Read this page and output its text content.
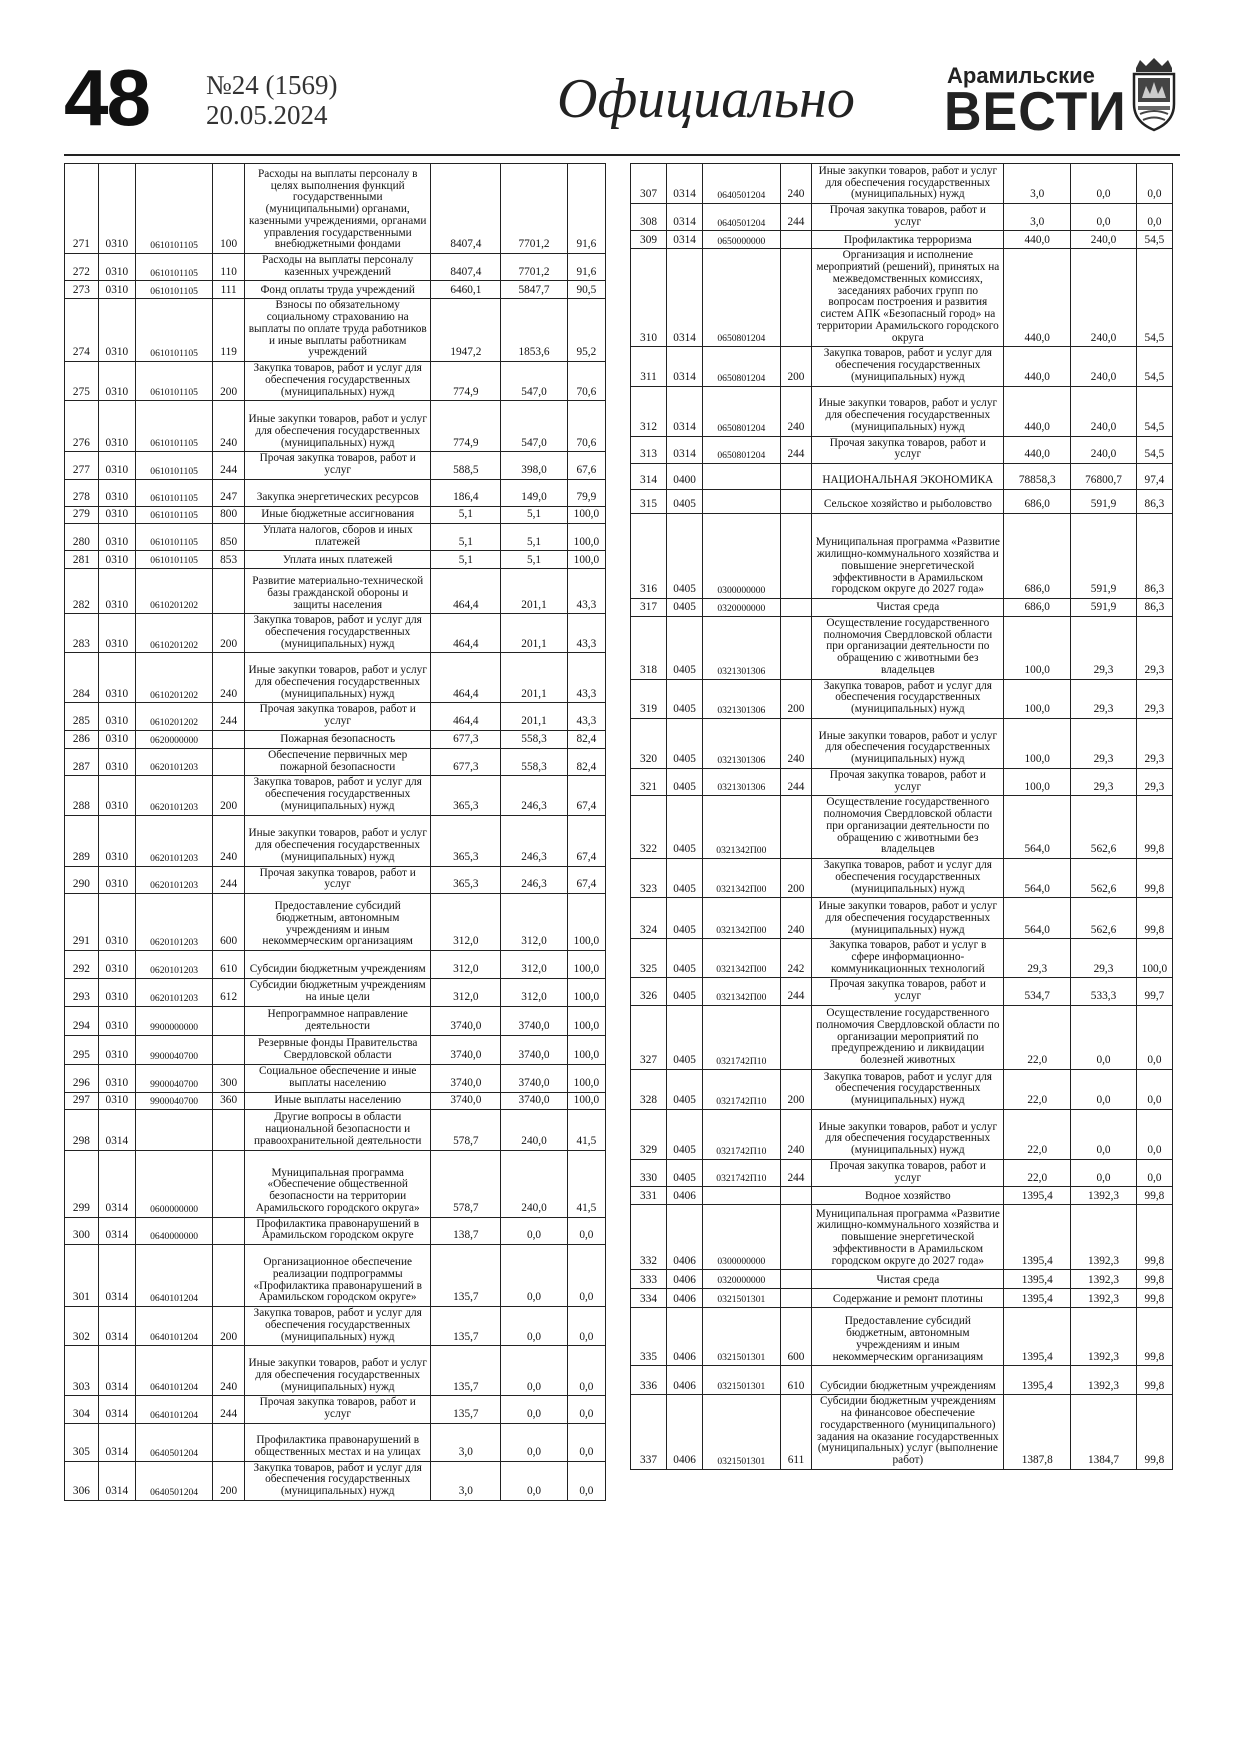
48 №24 (1569)
20.05.2024	Официально	Арамильские
ВЕСТИ
271	0310	0610101105	100	Расходы на выплаты персоналу в целях выполнения функций государственными (муниципальными) органами, казенными учреждениями, органами управления государственными внебюджетными фондами	8407,4	7701,2	91,6
272	0310	0610101105	110	Расходы на выплаты персоналу казенных учреждений	8407,4	7701,2	91,6
273	0310	0610101105	111	Фонд оплаты труда учреждений	6460,1	5847,7	90,5
274	0310	0610101105	119	Взносы по обязательному социальному страхованию на выплаты по оплате труда работников и иные выплаты работникам учреждений	1947,2	1853,6	95,2
275	0310	0610101105	200	Закупка товаров, работ и услуг для обеспечения государственных (муниципальных) нужд	774,9	547,0	70,6
276	0310	0610101105	240	Иные закупки товаров, работ и услуг для обеспечения государственных (муниципальных) нужд	774,9	547,0	70,6
277	0310	0610101105	244	Прочая закупка товаров, работ и услуг	588,5	398,0	67,6
278	0310	0610101105	247	Закупка энергетических ресурсов	186,4	149,0	79,9
279	0310	0610101105	800	Иные бюджетные ассигнования	5,1	5,1	100,0
280	0310	0610101105	850	Уплата налогов, сборов и иных платежей	5,1	5,1	100,0
281	0310	0610101105	853	Уплата иных платежей	5,1	5,1	100,0
282	0310	0610201202		Развитие материально-технической базы гражданской обороны и защиты населения	464,4	201,1	43,3
283	0310	0610201202	200	Закупка товаров, работ и услуг для обеспечения государственных (муниципальных) нужд	464,4	201,1	43,3
284	0310	0610201202	240	Иные закупки товаров, работ и услуг для обеспечения государственных (муниципальных) нужд	464,4	201,1	43,3
285	0310	0610201202	244	Прочая закупка товаров, работ и услуг	464,4	201,1	43,3
286	0310	0620000000		Пожарная безопасность	677,3	558,3	82,4
287	0310	0620101203		Обеспечение первичных мер пожарной безопасности	677,3	558,3	82,4
288	0310	0620101203	200	Закупка товаров, работ и услуг для обеспечения государственных (муниципальных) нужд	365,3	246,3	67,4
289	0310	0620101203	240	Иные закупки товаров, работ и услуг для обеспечения государственных (муниципальных) нужд	365,3	246,3	67,4
290	0310	0620101203	244	Прочая закупка товаров, работ и услуг	365,3	246,3	67,4
291	0310	0620101203	600	Предоставление субсидий бюджетным, автономным учреждениям и иным некоммерческим организациям	312,0	312,0	100,0
292	0310	0620101203	610	Субсидии бюджетным учреждениям	312,0	312,0	100,0
293	0310	0620101203	612	Субсидии бюджетным учреждениям на иные цели	312,0	312,0	100,0
294	0310	9900000000		Непрограммное направление деятельности	3740,0	3740,0	100,0
295	0310	9900040700		Резервные фонды Правительства Свердловской области	3740,0	3740,0	100,0
296	0310	9900040700	300	Социальное обеспечение и иные выплаты населению	3740,0	3740,0	100,0
297	0310	9900040700	360	Иные выплаты населению	3740,0	3740,0	100,0
298	0314			Другие вопросы в области национальной безопасности и правоохранительной деятельности	578,7	240,0	41,5
299	0314	0600000000		Муниципальная программа «Обеспечение общественной безопасности на территории Арамильского городского округа»	578,7	240,0	41,5
300	0314	0640000000		Профилактика правонарушений в Арамильском городском округе	138,7	0,0	0,0
301	0314	0640101204		Организационное обеспечение реализации подпрограммы «Профилактика правонарушений в Арамильском городском округе»	135,7	0,0	0,0
302	0314	0640101204	200	Закупка товаров, работ и услуг для обеспечения государственных (муниципальных) нужд	135,7	0,0	0,0
303	0314	0640101204	240	Иные закупки товаров, работ и услуг для обеспечения государственных (муниципальных) нужд	135,7	0,0	0,0
304	0314	0640101204	244	Прочая закупка товаров, работ и услуг	135,7	0,0	0,0
305	0314	0640501204		Профилактика правонарушений в общественных местах и на улицах	3,0	0,0	0,0
306	0314	0640501204	200	Закупка товаров, работ и услуг для обеспечения государственных (муниципальных) нужд	3,0	0,0	0,0
307	0314	0640501204	240	Иные закупки товаров, работ и услуг для обеспечения государственных (муниципальных) нужд	3,0	0,0	0,0
308	0314	0640501204	244	Прочая закупка товаров, работ и услуг	3,0	0,0	0,0
309	0314	0650000000		Профилактика терроризма	440,0	240,0	54,5
310	0314	0650801204		Организация и исполнение мероприятий (решений), принятых на межведомственных комиссиях, заседаниях рабочих групп по вопросам построения и развития систем АПК «Безопасный город» на территории Арамильского городского округа	440,0	240,0	54,5
311	0314	0650801204	200	Закупка товаров, работ и услуг для обеспечения государственных (муниципальных) нужд	440,0	240,0	54,5
312	0314	0650801204	240	Иные закупки товаров, работ и услуг для обеспечения государственных (муниципальных) нужд	440,0	240,0	54,5
313	0314	0650801204	244	Прочая закупка товаров, работ и услуг	440,0	240,0	54,5
314	0400			НАЦИОНАЛЬНАЯ ЭКОНОМИКА	78858,3	76800,7	97,4
315	0405			Сельское хозяйство и рыболовство	686,0	591,9	86,3
316	0405	0300000000		Муниципальная программа «Развитие жилищно-коммунального хозяйства и повышение энергетической эффективности в Арамильском городском округе до 2027 года»	686,0	591,9	86,3
317	0405	0320000000		Чистая среда	686,0	591,9	86,3
318	0405	0321301306		Осуществление государственного полномочия Свердловской области при организации деятельности по обращению с животными без владельцев	100,0	29,3	29,3
319	0405	0321301306	200	Закупка товаров, работ и услуг для обеспечения государственных (муниципальных) нужд	100,0	29,3	29,3
320	0405	0321301306	240	Иные закупки товаров, работ и услуг для обеспечения государственных (муниципальных) нужд	100,0	29,3	29,3
321	0405	0321301306	244	Прочая закупка товаров, работ и услуг	100,0	29,3	29,3
322	0405	0321342П00		Осуществление государственного полномочия Свердловской области при организации деятельности по обращению с животными без владельцев	564,0	562,6	99,8
323	0405	0321342П00	200	Закупка товаров, работ и услуг для обеспечения государственных (муниципальных) нужд	564,0	562,6	99,8
324	0405	0321342П00	240	Иные закупки товаров, работ и услуг для обеспечения государственных (муниципальных) нужд	564,0	562,6	99,8
325	0405	0321342П00	242	Закупка товаров, работ и услуг в сфере информационно-коммуникационных технологий	29,3	29,3	100,0
326	0405	0321342П00	244	Прочая закупка товаров, работ и услуг	534,7	533,3	99,7
327	0405	0321742П10		Осуществление государственного полномочия Свердловской области по организации мероприятий по предупреждению и ликвидации болезней животных	22,0	0,0	0,0
328	0405	0321742П10	200	Закупка товаров, работ и услуг для обеспечения государственных (муниципальных) нужд	22,0	0,0	0,0
329	0405	0321742П10	240	Иные закупки товаров, работ и услуг для обеспечения государственных (муниципальных) нужд	22,0	0,0	0,0
330	0405	0321742П10	244	Прочая закупка товаров, работ и услуг	22,0	0,0	0,0
331	0406			Водное хозяйство	1395,4	1392,3	99,8
332	0406	0300000000		Муниципальная программа «Развитие жилищно-коммунального хозяйства и повышение энергетической эффективности в Арамильском городском округе до 2027 года»	1395,4	1392,3	99,8
333	0406	0320000000		Чистая среда	1395,4	1392,3	99,8
334	0406	0321501301		Содержание и ремонт плотины	1395,4	1392,3	99,8
335	0406	0321501301	600	Предоставление субсидий бюджетным, автономным учреждениям и иным некоммерческим организациям	1395,4	1392,3	99,8
336	0406	0321501301	610	Субсидии бюджетным учреждениям	1395,4	1392,3	99,8
337	0406	0321501301	611	Субсидии бюджетным учреждениям на финансовое обеспечение государственного (муниципального) задания на оказание государственных (муниципальных) услуг (выполнение работ)	1387,8	1384,7	99,8
